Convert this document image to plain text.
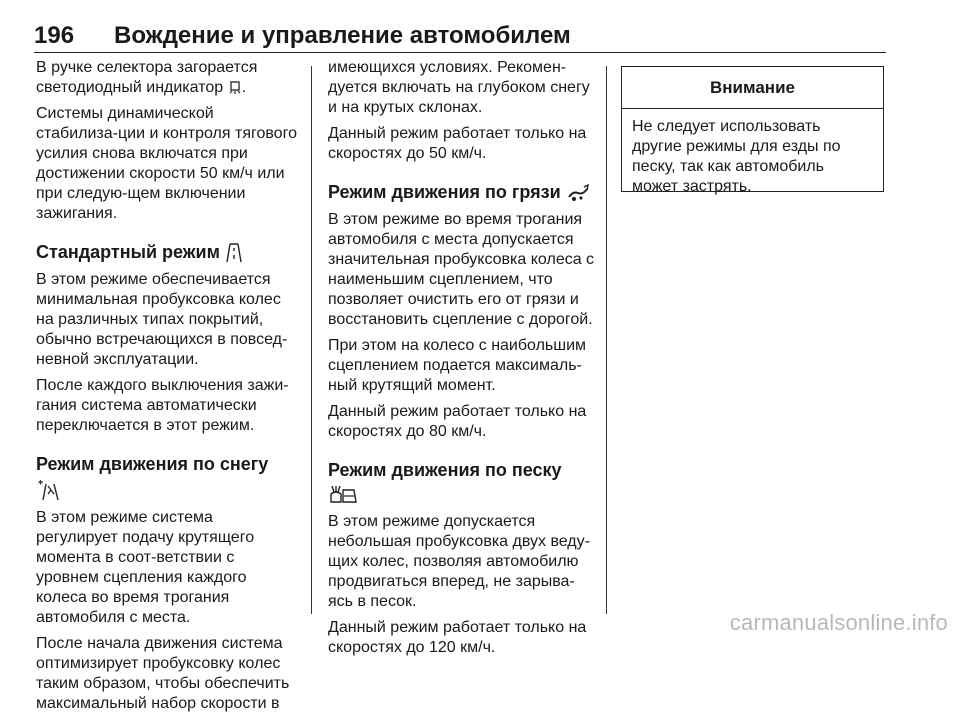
196 Вождение и управление автомобилем

В ручке селектора загорается светодиодный индикатор .

Системы динамической стабилиза-ции и контроля тягового усилия снова включатся при достижении скорости 50 км/ч или при следую-щем включении зажигания.

Стандартный режим

В этом режиме обеспечивается минимальная пробуксовка колес на различных типах покрытий, обычно встречающихся в повсед-невной эксплуатации.

После каждого выключения зажи-гания система автоматически переключается в этот режим.

Режим движения по снегу
*

В этом режиме система регулирует подачу крутящего момента в соот-ветствии с уровнем сцепления каждого колеса во время трогания автомобиля с места.

После начала движения система оптимизирует пробуксовку колес таким образом, чтобы обеспечить максимальный набор скорости в

имеющихся условиях. Рекомен-дуется включать на глубоком снегу и на крутых склонах.

Данный режим работает только на скоростях до 50 км/ч.

Режим движения по грязи

В этом режиме во время трогания автомобиля с места допускается значительная пробуксовка колеса с наименьшим сцеплением, что позволяет очистить его от грязи и восстановить сцепление с дорогой.

При этом на колесо с наибольшим сцеплением подается максималь-ный крутящий момент.

Данный режим работает только на скоростях до 80 км/ч.

Режим движения по песку

В этом режиме допускается небольшая пробуксовка двух веду-щих колес, позволяя автомобилю продвигаться вперед, не зарыва-ясь в песок.

Данный режим работает только на скоростях до 120 км/ч.

Внимание
Не следует использовать другие режимы для езды по песку, так как автомобиль может застрять.
carmanualsonline.info
